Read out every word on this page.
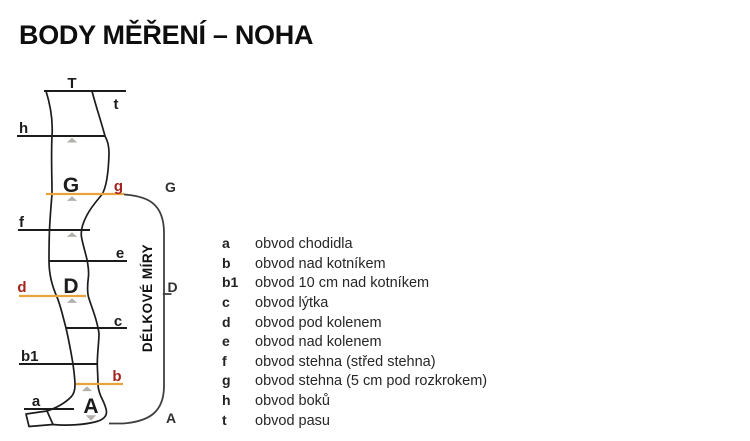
BODY MĚŘENÍ – NOHA
T
t
h
G g
f
e
D
d
c
b1
b
a A
G
D
A
DÉLKOVÉ MÍRY
a	obvod chodidla
b	obvod nad kotníkem
b1	obvod 10 cm nad kotníkem
c	obvod lýtka
d	obvod pod kolenem
e	obvod nad kolenem
f	obvod stehna (střed stehna)
g	obvod stehna (5 cm pod rozkrokem)
h	obvod boků
t	obvod pasu
